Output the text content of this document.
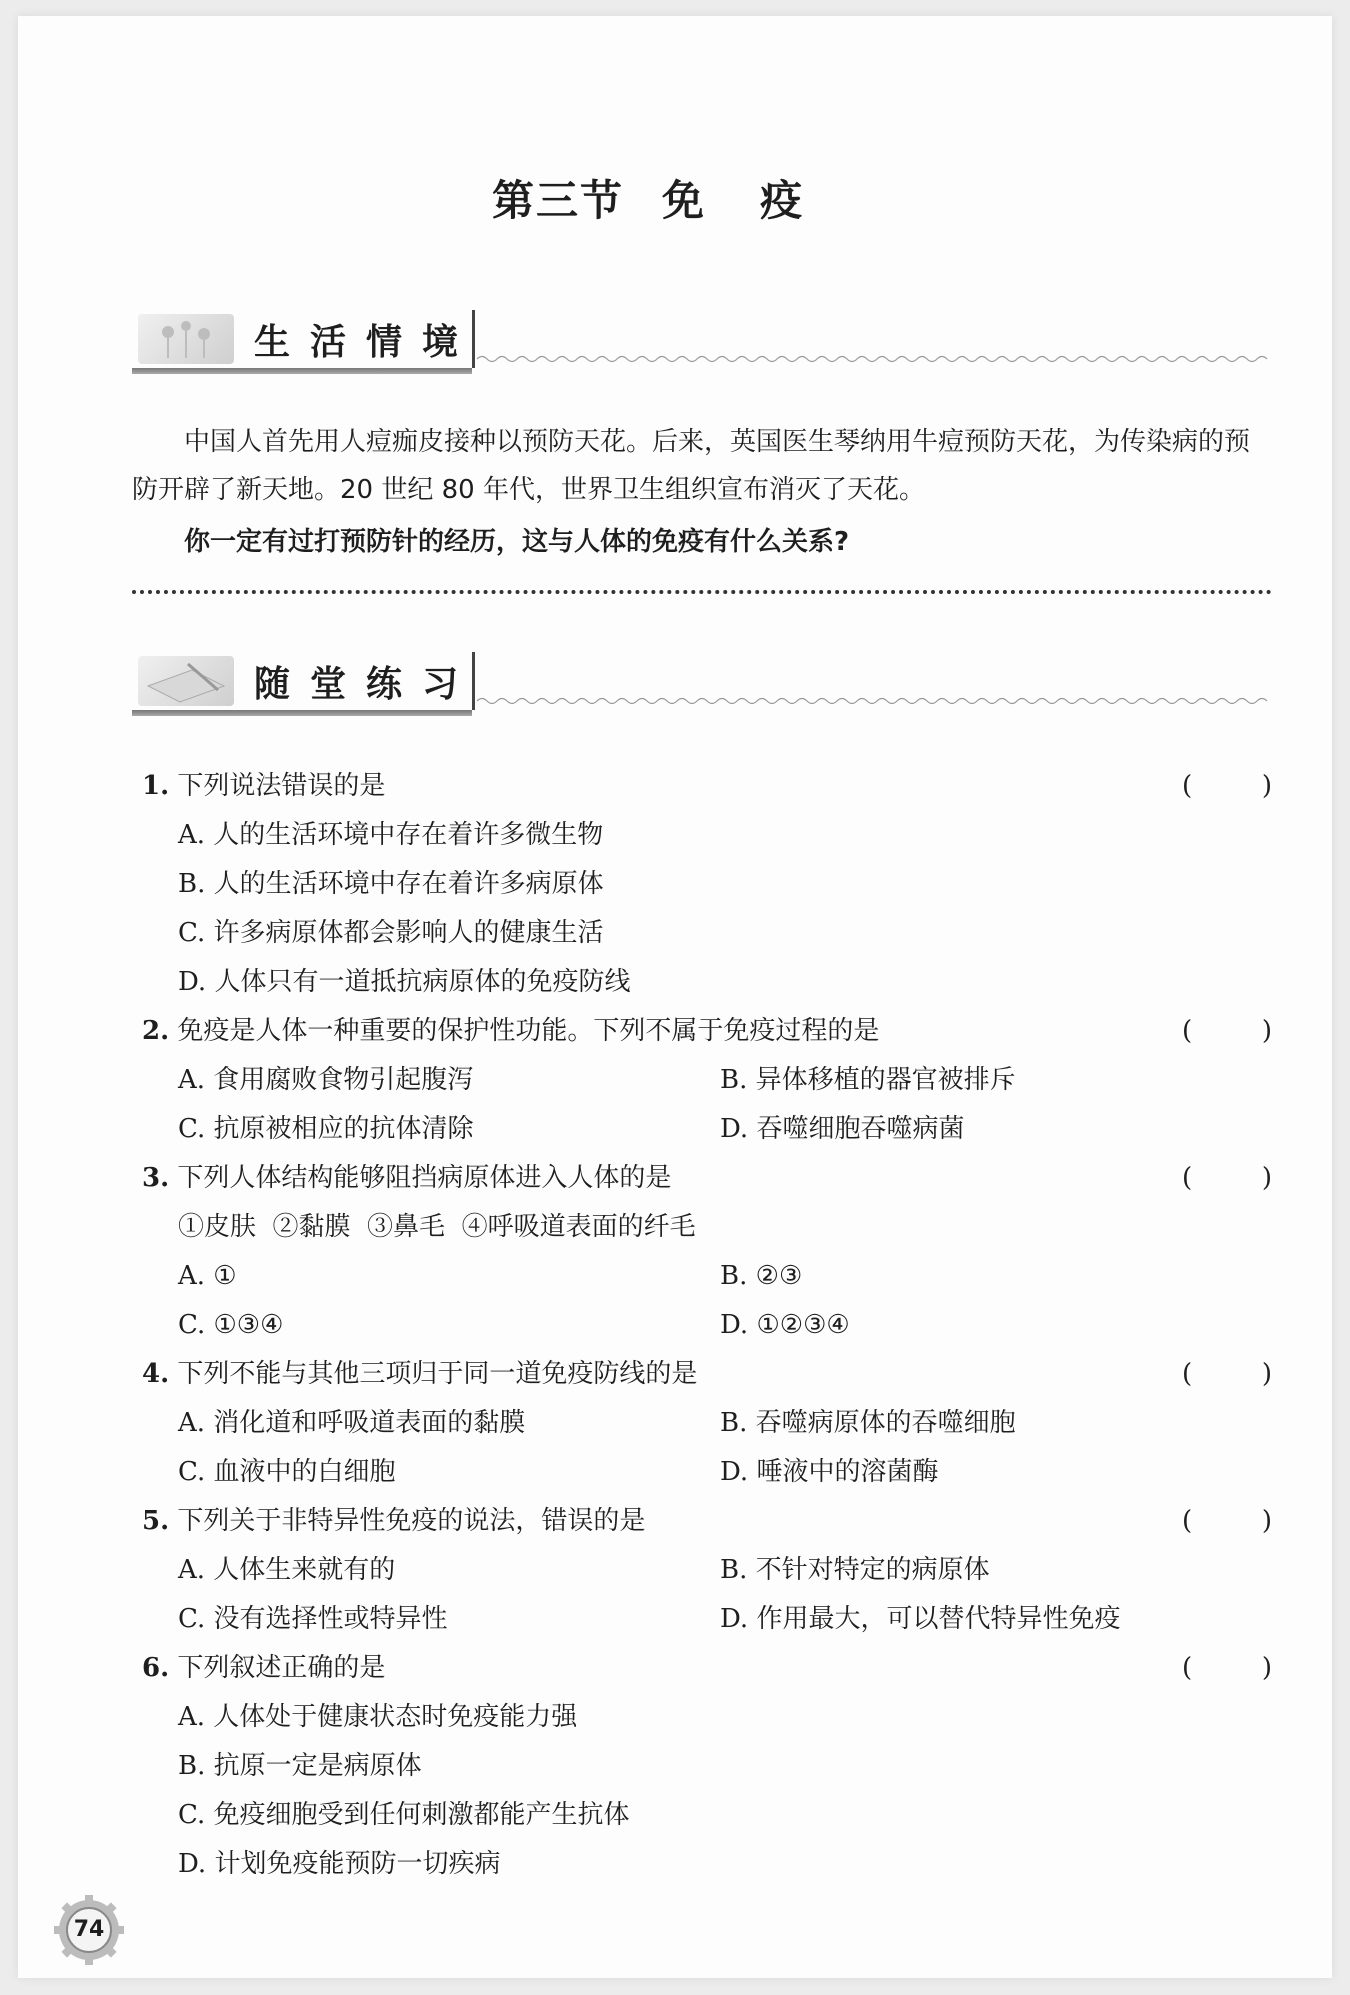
第三节 免疫
生活情境

中国人首先用人痘痂皮接种以预防天花。后来，英国医生琴纳用牛痘预防天花，为传染病的预防开辟了新天地。20 世纪 80 年代，世界卫生组织宣布消灭了天花。

你一定有过打预防针的经历，这与人体的免疫有什么关系?

随堂练习
1. 下列说法错误的是	(	)
A. 人的生活环境中存在着许多微生物
B. 人的生活环境中存在着许多病原体
C. 许多病原体都会影响人的健康生活
D. 人体只有一道抵抗病原体的免疫防线
2. 免疫是人体一种重要的保护性功能。下列不属于免疫过程的是	(	)
A. 食用腐败食物引起腹泻	B. 异体移植的器官被排斥
C. 抗原被相应的抗体清除	D. 吞噬细胞吞噬病菌
3. 下列人体结构能够阻挡病原体进入人体的是	(	)
①皮肤  ②黏膜  ③鼻毛  ④呼吸道表面的纤毛
A. ①	B. ②③
C. ①③④	D. ①②③④
4. 下列不能与其他三项归于同一道免疫防线的是	(	)
A. 消化道和呼吸道表面的黏膜	B. 吞噬病原体的吞噬细胞
C. 血液中的白细胞	D. 唾液中的溶菌酶
5. 下列关于非特异性免疫的说法，错误的是	(	)
A. 人体生来就有的	B. 不针对特定的病原体
C. 没有选择性或特异性	D. 作用最大，可以替代特异性免疫
6. 下列叙述正确的是	(	)
A. 人体处于健康状态时免疫能力强
B. 抗原一定是病原体
C. 免疫细胞受到任何刺激都能产生抗体
D. 计划免疫能预防一切疾病
74
